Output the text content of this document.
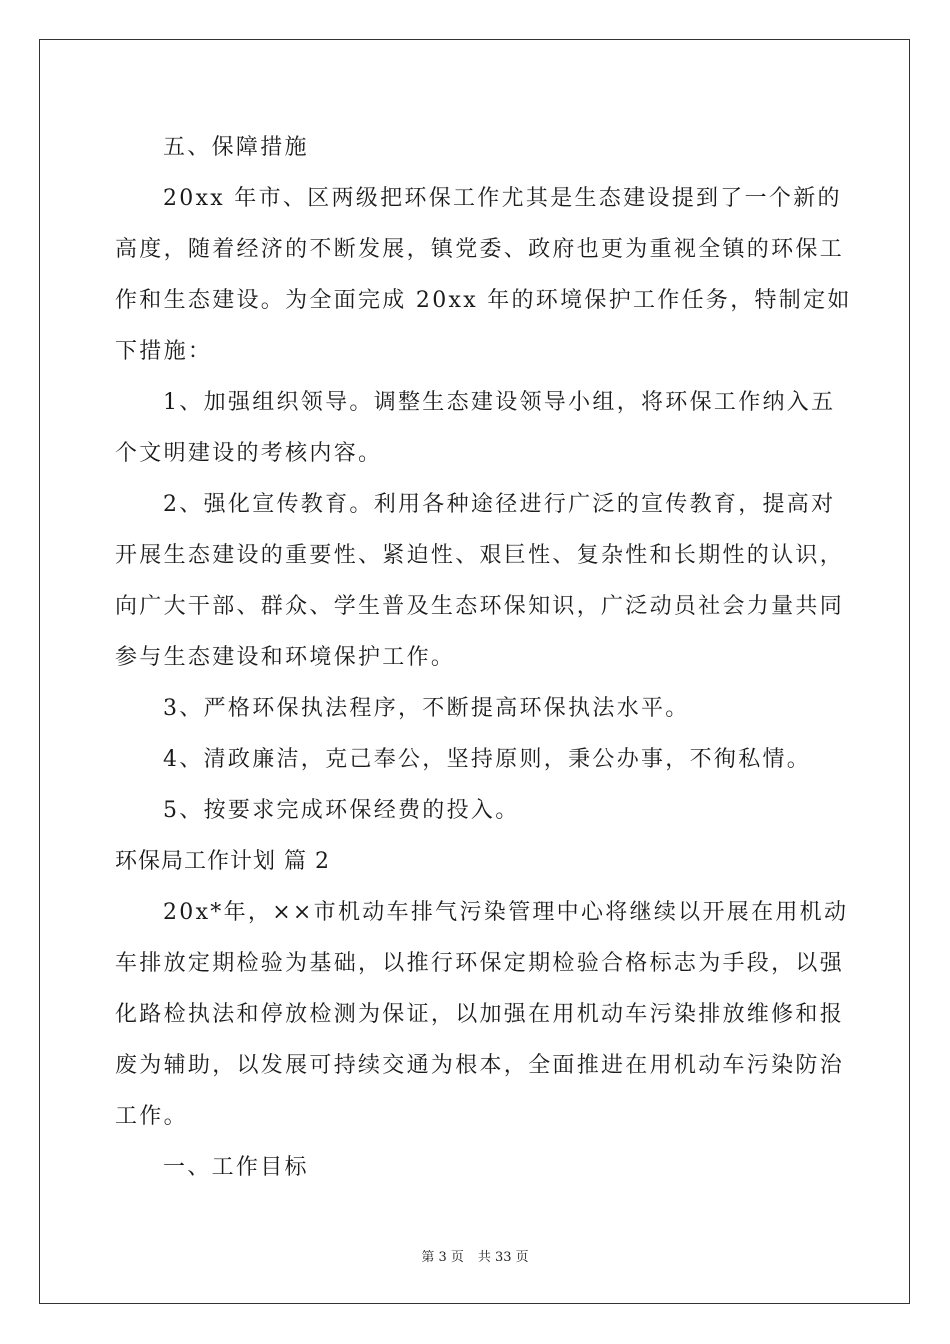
五、保障措施
20xx 年市、区两级把环保工作尤其是生态建设提到了一个新的
高度，随着经济的不断发展，镇党委、政府也更为重视全镇的环保工
作和生态建设。为全面完成 20xx 年的环境保护工作任务，特制定如
下措施：
1、加强组织领导。调整生态建设领导小组，将环保工作纳入五
个文明建设的考核内容。
2、强化宣传教育。利用各种途径进行广泛的宣传教育，提高对
开展生态建设的重要性、紧迫性、艰巨性、复杂性和长期性的认识，
向广大干部、群众、学生普及生态环保知识，广泛动员社会力量共同
参与生态建设和环境保护工作。
3、严格环保执法程序，不断提高环保执法水平。
4、清政廉洁，克己奉公，坚持原则，秉公办事，不徇私情。
5、按要求完成环保经费的投入。
环保局工作计划 篇 2
20x*年，××市机动车排气污染管理中心将继续以开展在用机动
车排放定期检验为基础，以推行环保定期检验合格标志为手段，以强
化路检执法和停放检测为保证，以加强在用机动车污染排放维修和报
废为辅助，以发展可持续交通为根本，全面推进在用机动车污染防治
工作。
一、工作目标
第 3 页 共 33 页
